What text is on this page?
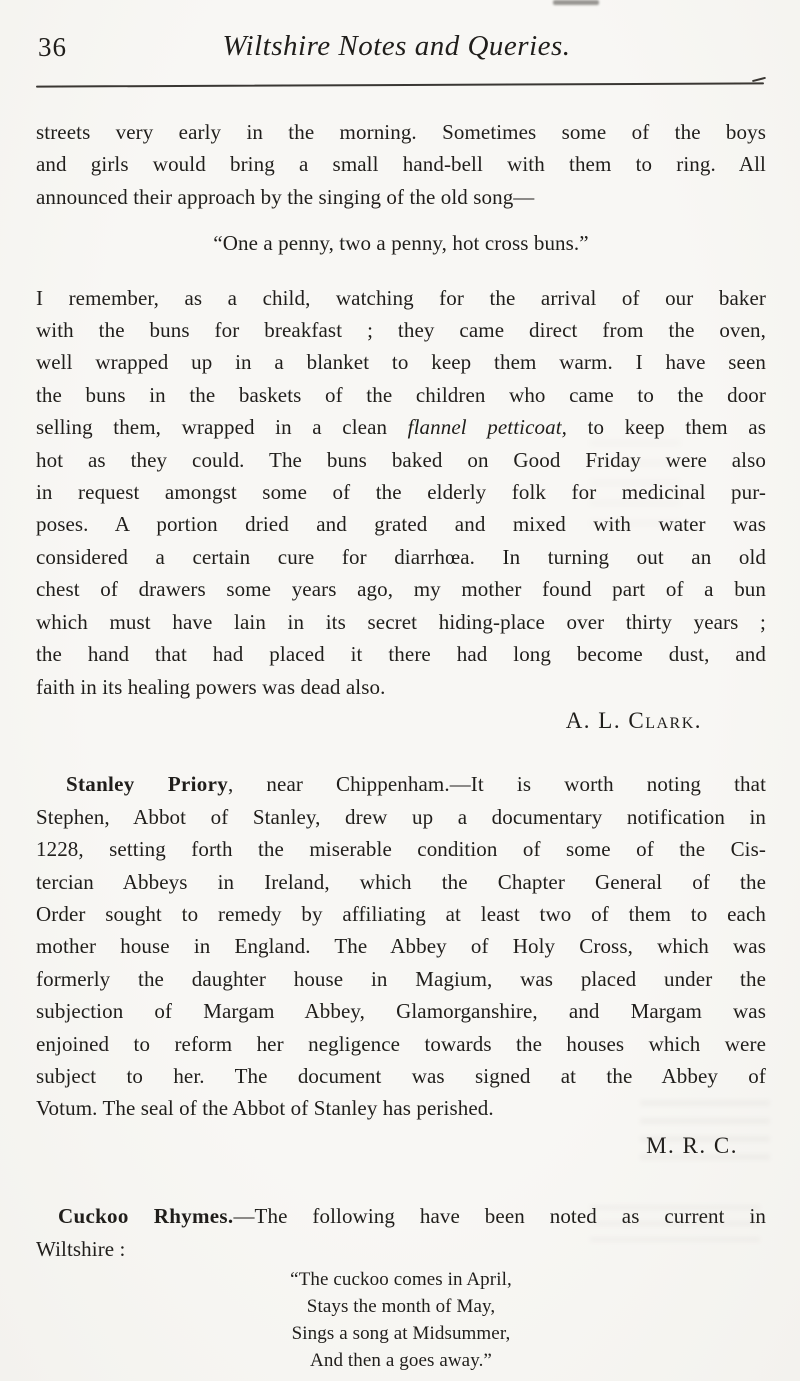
36	Wiltshire Notes and Queries.
streets very early in the morning. Sometimes some of the boys
and girls would bring a small hand-bell with them to ring. All
announced their approach by the singing of the old song—
“One a penny, two a penny, hot cross buns.”
I remember, as a child, watching for the arrival of our baker
with the buns for breakfast ; they came direct from the oven,
well wrapped up in a blanket to keep them warm. I have seen
the buns in the baskets of the children who came to the door
selling them, wrapped in a clean flannel petticoat, to keep them as
hot as they could. The buns baked on Good Friday were also
in request amongst some of the elderly folk for medicinal pur-
poses. A portion dried and grated and mixed with water was
considered a certain cure for diarrhœa. In turning out an old
chest of drawers some years ago, my mother found part of a bun
which must have lain in its secret hiding-place over thirty years ;
the hand that had placed it there had long become dust, and
faith in its healing powers was dead also.
A. L. Clark.
Stanley Priory, near Chippenham.—It is worth noting that
Stephen, Abbot of Stanley, drew up a documentary notification in
1228, setting forth the miserable condition of some of the Cis-
tercian Abbeys in Ireland, which the Chapter General of the
Order sought to remedy by affiliating at least two of them to each
mother house in England. The Abbey of Holy Cross, which was
formerly the daughter house in Magium, was placed under the
subjection of Margam Abbey, Glamorganshire, and Margam was
enjoined to reform her negligence towards the houses which were
subject to her. The document was signed at the Abbey of
Votum. The seal of the Abbot of Stanley has perished.
M. R. C.
Cuckoo Rhymes.—The following have been noted as current in
Wiltshire :
“The cuckoo comes in April,
Stays the month of May,
Sings a song at Midsummer,
And then a goes away.”
